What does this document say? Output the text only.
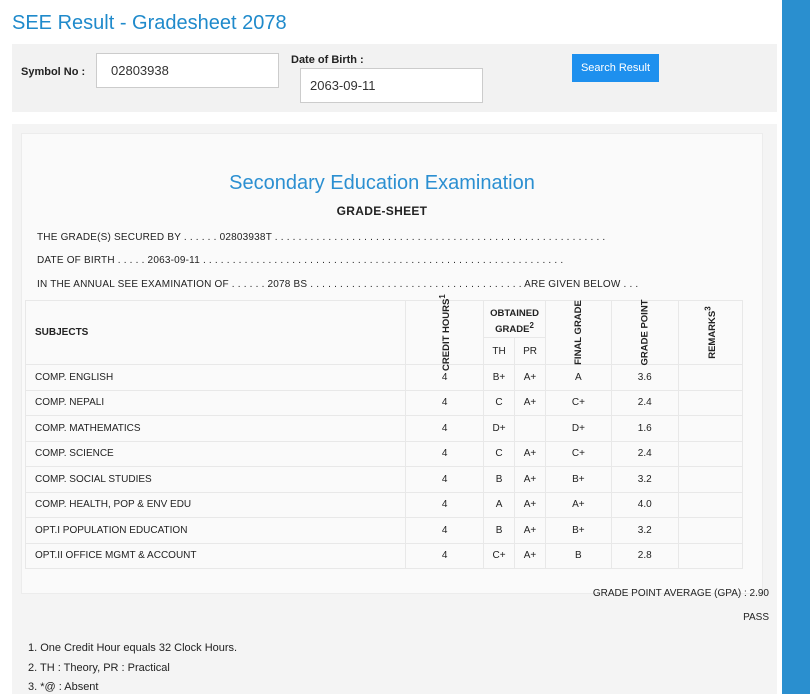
SEE Result - Gradesheet 2078
Symbol No :
02803938
Date of Birth :
2063-09-11
Search Result
Secondary Education Examination
GRADE-SHEET
THE GRADE(S) SECURED BY . . . . . . 02803938T . . . . . . . . . . . . . . . . . . . . . . . . . . . . . . . . . . . . . . . . . . . . . . . . . . . . . . . .
DATE OF BIRTH . . . . . 2063-09-11 . . . . . . . . . . . . . . . . . . . . . . . . . . . . . . . . . . . . . . . . . . . . . . . . . . . . . . . . . . . . .
IN THE ANNUAL SEE EXAMINATION OF . . . . . . 2078 BS . . . . . . . . . . . . . . . . . . . . . . . . . . . . . . . . . . . . ARE GIVEN BELOW . . .
SUBJECTS	CREDIT HOURS$^1$	OBTAINED GRADE$^2$		FINAL GRADE	GRADE POINT	REMARKS$^3$
		TH	PR			
COMP. ENGLISH	4	B+	A+	A	3.6	
COMP. NEPALI	4	C	A+	C+	2.4	
COMP. MATHEMATICS	4	D+		D+	1.6	
COMP. SCIENCE	4	C	A+	C+	2.4	
COMP. SOCIAL STUDIES	4	B	A+	B+	3.2	
COMP. HEALTH, POP & ENV EDU	4	A	A+	A+	4.0	
OPT.I POPULATION EDUCATION	4	B	A+	B+	3.2	
OPT.II OFFICE MGMT & ACCOUNT	4	C+	A+	B	2.8	
GRADE POINT AVERAGE (GPA) : 2.90
PASS
1. One Credit Hour equals 32 Clock Hours.
2. TH : Theory, PR : Practical
3. *@ : Absent
